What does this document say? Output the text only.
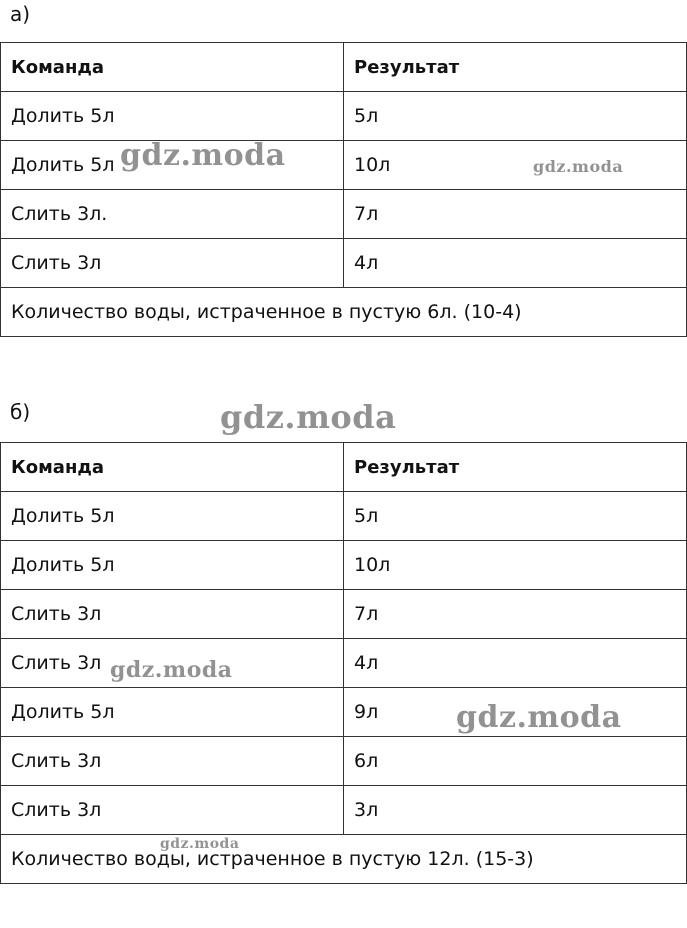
а)
Команда	Результат
Долить 5л	5л
Долить 5л	10л
Слить 3л.	7л
Слить 3л	4л
Количество воды, истраченное в пустую 6л. (10-4)	
б)
Команда	Результат
Долить 5л	5л
Долить 5л	10л
Слить 3л	7л
Слить 3л	4л
Долить 5л	9л
Слить 3л	6л
Слить 3л	3л
Количество воды, истраченное в пустую 12л. (15-3)	
gdz.moda	gdz.moda
gdz.moda
gdz.moda
gdz.moda
gdz.moda
